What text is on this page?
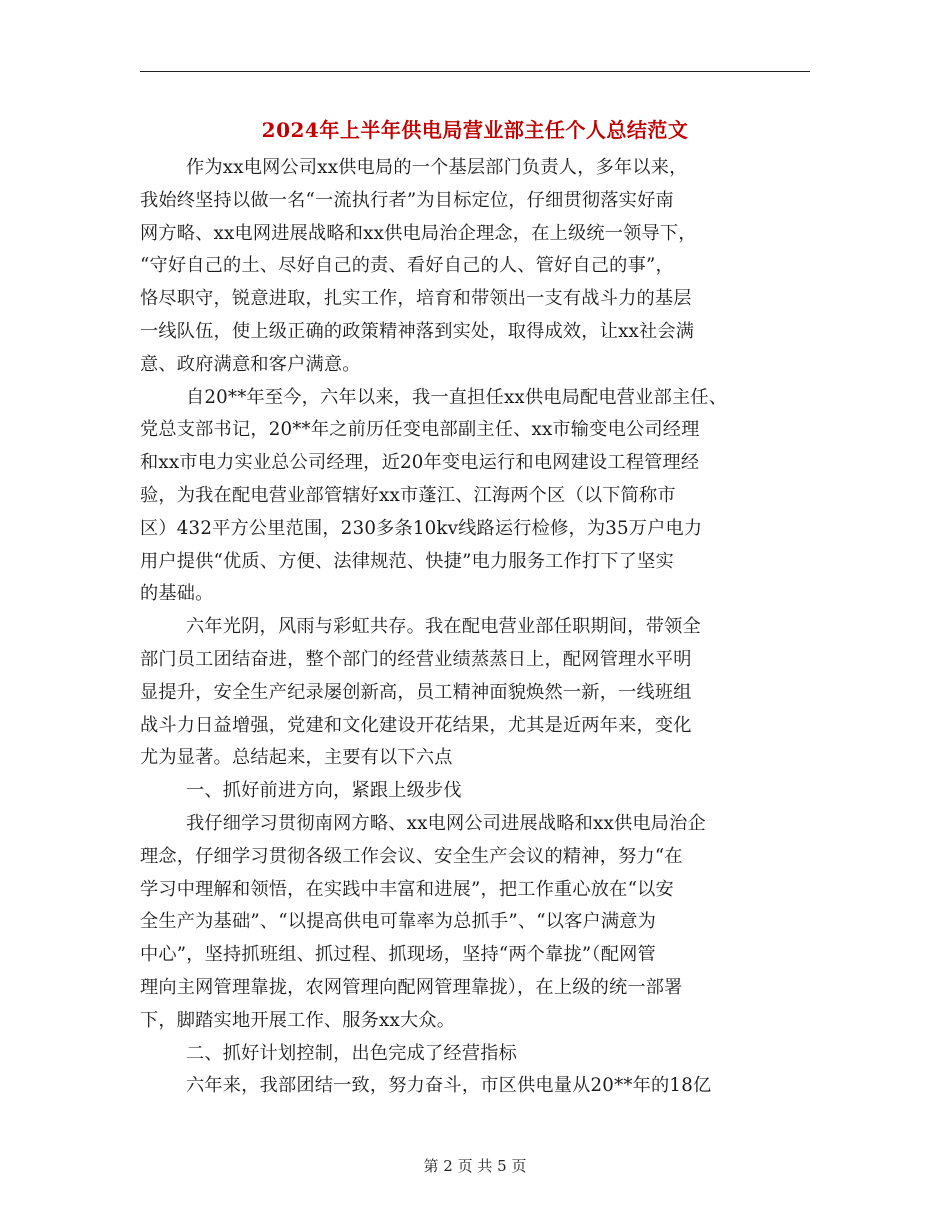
2024年上半年供电局营业部主任个人总结范文
作为xx电网公司xx供电局的一个基层部门负责人，多年以来，
我始终坚持以做一名“一流执行者”为目标定位，仔细贯彻落实好南
网方略、xx电网进展战略和xx供电局治企理念，在上级统一领导下，
“守好自己的土、尽好自己的责、看好自己的人、管好自己的事”，
恪尽职守，锐意进取，扎实工作，培育和带领出一支有战斗力的基层
一线队伍，使上级正确的政策精神落到实处，取得成效，让xx社会满
意、政府满意和客户满意。
自20**年至今，六年以来，我一直担任xx供电局配电营业部主任、
党总支部书记，20**年之前历任变电部副主任、xx市输变电公司经理
和xx市电力实业总公司经理，近20年变电运行和电网建设工程管理经
验，为我在配电营业部管辖好xx市蓬江、江海两个区（以下简称市
区）432平方公里范围，230多条10kv线路运行检修，为35万户电力
用户提供“优质、方便、法律规范、快捷”电力服务工作打下了坚实
的基础。
六年光阴，风雨与彩虹共存。我在配电营业部任职期间，带领全
部门员工团结奋进，整个部门的经营业绩蒸蒸日上，配网管理水平明
显提升，安全生产纪录屡创新高，员工精神面貌焕然一新，一线班组
战斗力日益增强，党建和文化建设开花结果，尤其是近两年来，变化
尤为显著。总结起来，主要有以下六点
一、抓好前进方向，紧跟上级步伐
我仔细学习贯彻南网方略、xx电网公司进展战略和xx供电局治企
理念，仔细学习贯彻各级工作会议、安全生产会议的精神，努力“在
学习中理解和领悟，在实践中丰富和进展”，把工作重心放在“以安
全生产为基础”、“以提高供电可靠率为总抓手”、“以客户满意为
中心”，坚持抓班组、抓过程、抓现场，坚持“两个靠拢”（配网管
理向主网管理靠拢，农网管理向配网管理靠拢），在上级的统一部署
下，脚踏实地开展工作、服务xx大众。
二、抓好计划控制，出色完成了经营指标
六年来，我部团结一致，努力奋斗，市区供电量从20**年的18亿
第 2 页 共 5 页
